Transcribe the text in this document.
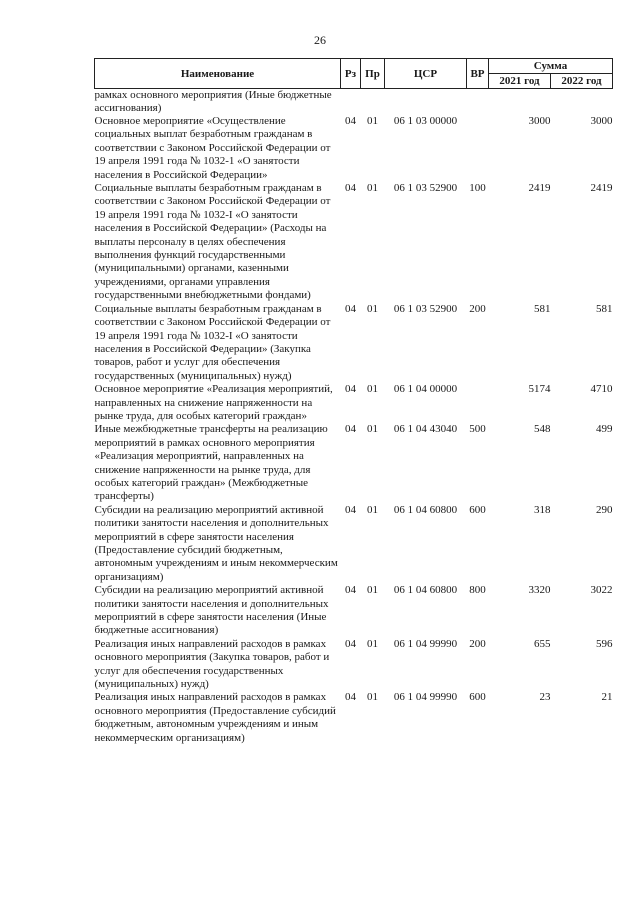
26
Наименование	Рз	Пр	ЦСР	ВР	Сумма	
					2021 год	2022 год
рамках основного мероприятия (Иные бюджетные ассигнования)						
Основное мероприятие «Осуществление социальных выплат безработным гражданам в соответствии с Законом Российской Федерации от 19 апреля 1991 года № 1032-1 «О занятости населения в Российской Федерации»	04	01	06 1 03 00000		3000	3000
Социальные выплаты безработным гражданам в соответствии с Законом Российской Федерации от 19 апреля 1991 года № 1032-I «О занятости населения в Российской Федерации» (Расходы на выплаты персоналу в целях обеспечения выполнения функций государственными (муниципальными) органами, казенными учреждениями, органами управления государственными внебюджетными фондами)	04	01	06 1 03 52900	100	2419	2419
Социальные выплаты безработным гражданам в соответствии с Законом Российской Федерации от 19 апреля 1991 года № 1032-I «О занятости населения в Российской Федерации» (Закупка товаров, работ и услуг для обеспечения государственных (муниципальных) нужд)	04	01	06 1 03 52900	200	581	581
Основное мероприятие «Реализация мероприятий, направленных на снижение напряженности на рынке труда, для особых категорий граждан»	04	01	06 1 04 00000		5174	4710
Иные межбюджетные трансферты на реализацию мероприятий в рамках основного мероприятия «Реализация мероприятий, направленных на снижение напряженности на рынке труда, для особых категорий граждан» (Межбюджетные трансферты)	04	01	06 1 04 43040	500	548	499
Субсидии на реализацию мероприятий активной политики занятости населения и дополнительных мероприятий в сфере занятости населения (Предоставление субсидий бюджетным, автономным учреждениям и иным некоммерческим организациям)	04	01	06 1 04 60800	600	318	290
Субсидии на реализацию мероприятий активной политики занятости населения и дополнительных мероприятий в сфере занятости населения (Иные бюджетные ассигнования)	04	01	06 1 04 60800	800	3320	3022
Реализация иных направлений расходов в рамках основного мероприятия (Закупка товаров, работ и услуг для обеспечения государственных (муниципальных) нужд)	04	01	06 1 04 99990	200	655	596
Реализация иных направлений расходов в рамках основного мероприятия (Предоставление субсидий бюджетным, автономным учреждениям и иным некоммерческим организациям)	04	01	06 1 04 99990	600	23	21
